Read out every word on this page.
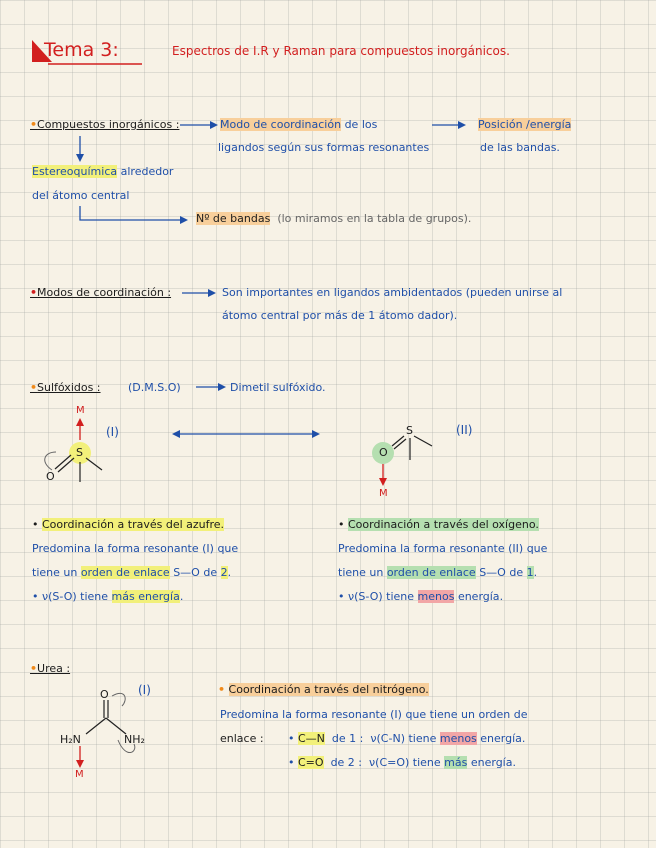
Tema 3:	Espectros de I.R y Raman para compuestos inorgánicos.
•Compuestos inorgánicos :	Modo de coordinación de los
ligandos según sus formas resonantes
Posición /energía
de las bandas.
Estereoquímica alrededor
del átomo central
Nº de bandas (lo miramos en la tabla de grupos).
•Modos de coordinación :	Son importantes en ligandos ambidentados (pueden unirse al
átomo central por más de 1 átomo dador).
•Sulfóxidos : (D.M.S.O)	Dimetil sulfóxido.
M
S
O
(I)	S
O
M
(II)
• Coordinación a través del azufre.
Predomina la forma resonante (I) que
tiene un orden de enlace S—O de 2.
• ν(S-O) tiene más energía.
• Coordinación a través del oxígeno.
Predomina la forma resonante (II) que
tiene un orden de enlace S—O de 1.
• ν(S-O) tiene menos energía.
•Urea :
O (I)
H₂N	NH₂
M
• Coordinación a través del nitrógeno.
Predomina la forma resonante (I) que tiene un orden de
enlace : • C—N de 1 : ν(C-N) tiene menos energía.
• C=O de 2 : ν(C=O) tiene más energía.
